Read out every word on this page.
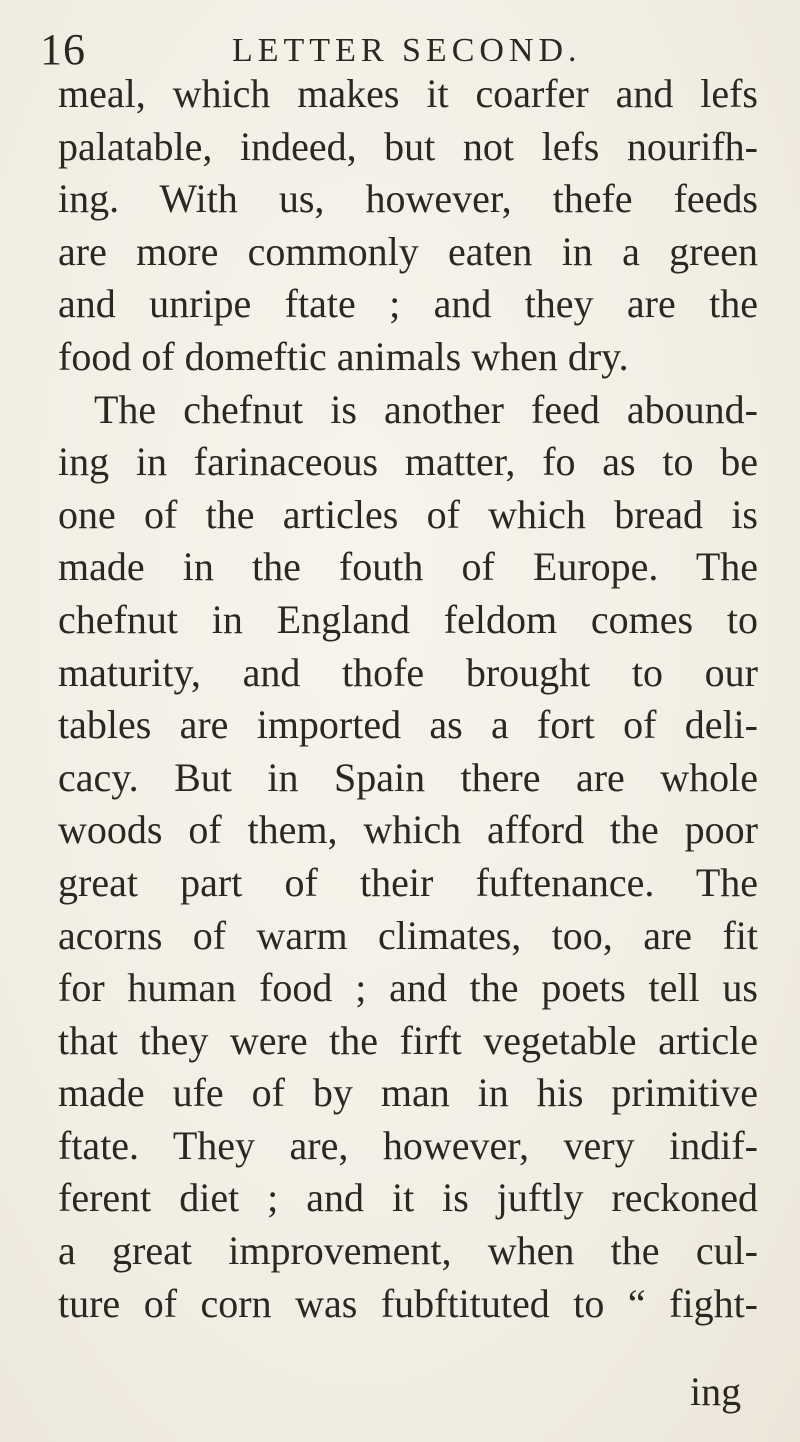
16	LETTER SECOND.
meal, which makes it coarfer and lefs
palatable, indeed, but not lefs nourifh-
ing. With us, however, thefe feeds
are more commonly eaten in a green
and unripe ftate ; and they are the
food of domeftic animals when dry.
The chefnut is another feed abound-
ing in farinaceous matter, fo as to be
one of the articles of which bread is
made in the fouth of Europe. The
chefnut in England feldom comes to
maturity, and thofe brought to our
tables are imported as a fort of deli-
cacy. But in Spain there are whole
woods of them, which afford the poor
great part of their fuftenance. The
acorns of warm climates, too, are fit
for human food ; and the poets tell us
that they were the firft vegetable article
made ufe of by man in his primitive
ftate. They are, however, very indif-
ferent diet ; and it is juftly reckoned
a great improvement, when the cul-
ture of corn was fubftituted to “ fight-
ing
